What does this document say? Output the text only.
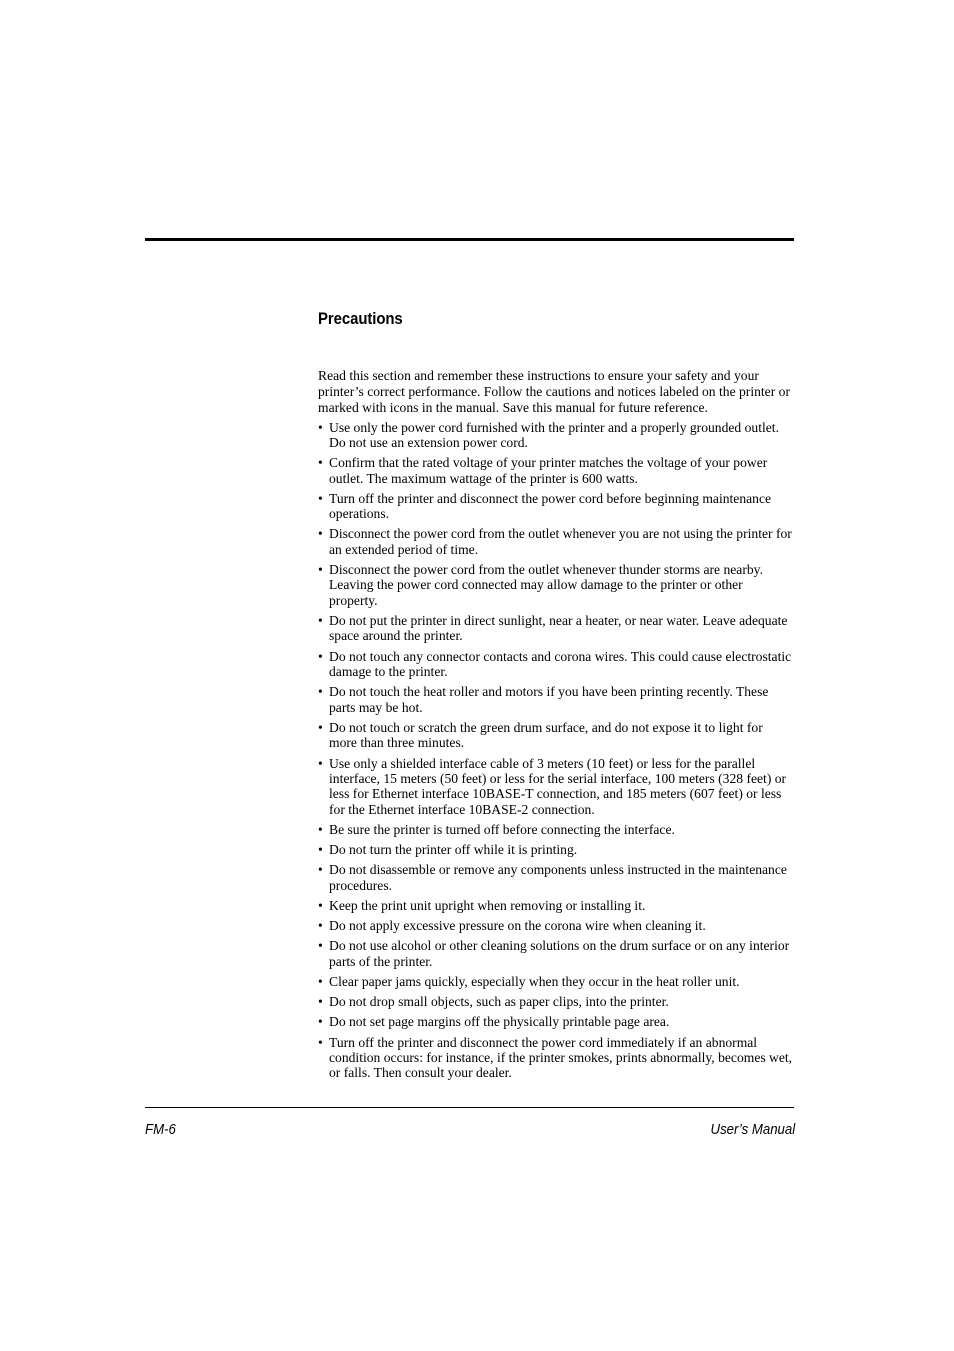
Precautions

Read this section and remember these instructions to ensure your safety and your printer’s correct performance. Follow the cautions and notices labeled on the printer or marked with icons in the manual. Save this manual for future reference.

• Use only the power cord furnished with the printer and a properly grounded outlet. Do not use an extension power cord.
• Confirm that the rated voltage of your printer matches the voltage of your power outlet. The maximum wattage of the printer is 600 watts.
• Turn off the printer and disconnect the power cord before beginning maintenance operations.
• Disconnect the power cord from the outlet whenever you are not using the printer for an extended period of time.
• Disconnect the power cord from the outlet whenever thunder storms are nearby. Leaving the power cord connected may allow damage to the printer or other property.
• Do not put the printer in direct sunlight, near a heater, or near water. Leave adequate space around the printer.
• Do not touch any connector contacts and corona wires. This could cause electrostatic damage to the printer.
• Do not touch the heat roller and motors if you have been printing recently. These parts may be hot.
• Do not touch or scratch the green drum surface, and do not expose it to light for more than three minutes.
• Use only a shielded interface cable of 3 meters (10 feet) or less for the parallel interface, 15 meters (50 feet) or less for the serial interface, 100 meters (328 feet) or less for Ethernet interface 10BASE-T connection, and 185 meters (607 feet) or less for the Ethernet interface 10BASE-2 connection.
• Be sure the printer is turned off before connecting the interface.
• Do not turn the printer off while it is printing.
• Do not disassemble or remove any components unless instructed in the maintenance procedures.
• Keep the print unit upright when removing or installing it.
• Do not apply excessive pressure on the corona wire when cleaning it.
• Do not use alcohol or other cleaning solutions on the drum surface or on any interior parts of the printer.
• Clear paper jams quickly, especially when they occur in the heat roller unit.
• Do not drop small objects, such as paper clips, into the printer.
• Do not set page margins off the physically printable page area.
• Turn off the printer and disconnect the power cord immediately if an abnormal condition occurs: for instance, if the printer smokes, prints abnormally, becomes wet, or falls. Then consult your dealer.
FM-6	User’s Manual
